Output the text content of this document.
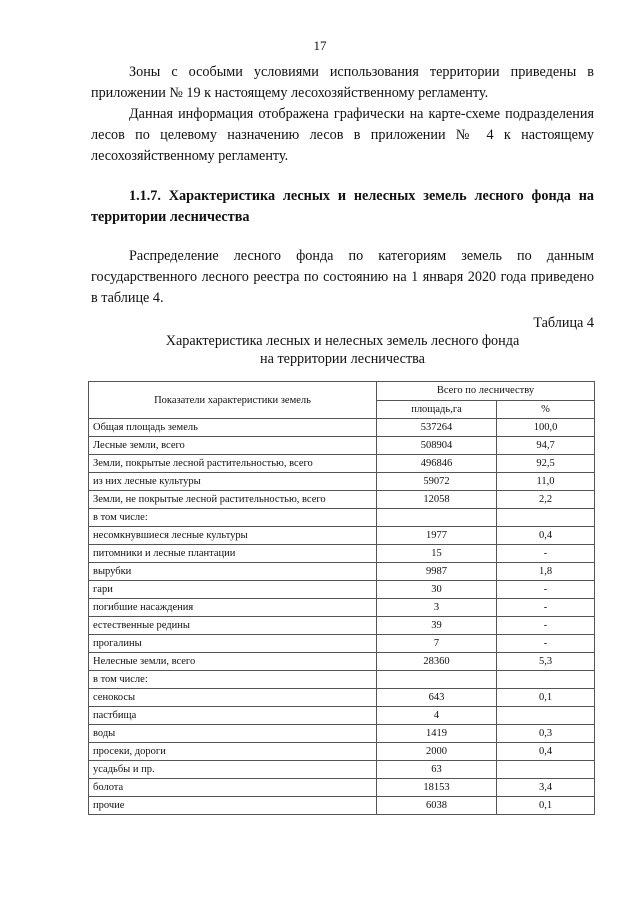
17
Зоны с особыми условиями использования территории приведены в приложении № 19 к настоящему лесохозяйственному регламенту.
Данная информация отображена графически на карте-схеме подразделения лесов по целевому назначению лесов в приложении № 4 к настоящему лесохозяйственному регламенту.
1.1.7. Характеристика лесных и нелесных земель лесного фонда на территории лесничества
Распределение лесного фонда по категориям земель по данным государственного лесного реестра по состоянию на 1 января 2020 года приведено в таблице 4.
Таблица 4
Характеристика лесных и нелесных земель лесного фонда
на территории лесничества
Показатели характеристики земель	Всего по лесничеству	
	площадь,га	%
Общая площадь земель	537264	100,0
Лесные земли, всего	508904	94,7
Земли, покрытые лесной растительностью, всего	496846	92,5
из них лесные культуры	59072	11,0
Земли, не покрытые лесной растительностью, всего	12058	2,2
в том числе:		
несомкнувшиеся лесные культуры	1977	0,4
питомники и лесные плантации	15	-
вырубки	9987	1,8
гари	30	-
погибшие насаждения	3	-
естественные редины	39	-
прогалины	7	-
Нелесные земли, всего	28360	5,3
в том числе:		
сенокосы	643	0,1
пастбища	4	
воды	1419	0,3
просеки, дороги	2000	0,4
усадьбы и пр.	63	
болота	18153	3,4
прочие	6038	0,1
